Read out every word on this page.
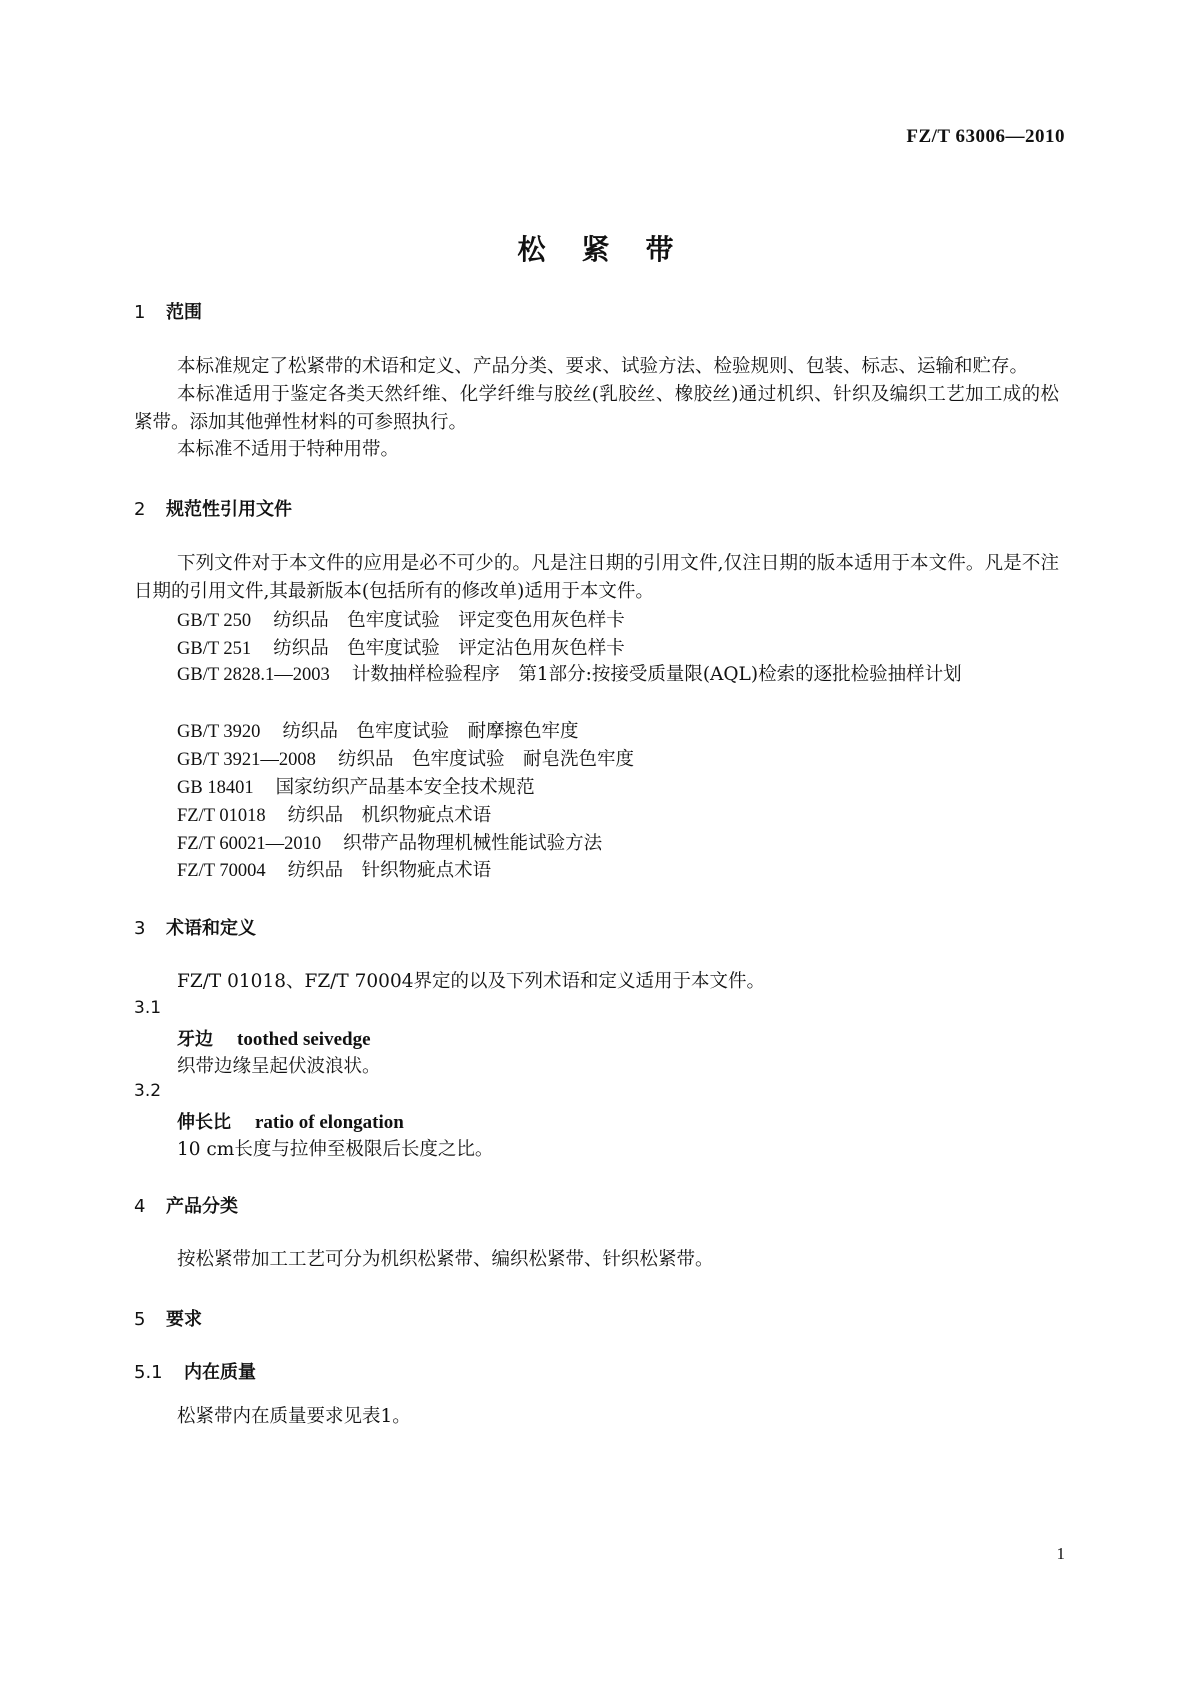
FZ/T 63006—2010
松紧带
1 范围
本标准规定了松紧带的术语和定义、产品分类、要求、试验方法、检验规则、包装、标志、运输和贮存。
本标准适用于鉴定各类天然纤维、化学纤维与胶丝(乳胶丝、橡胶丝)通过机织、针织及编织工艺加工成的松紧带。添加其他弹性材料的可参照执行。
本标准不适用于特种用带。
2 规范性引用文件
下列文件对于本文件的应用是必不可少的。凡是注日期的引用文件,仅注日期的版本适用于本文件。凡是不注日期的引用文件,其最新版本(包括所有的修改单)适用于本文件。
GB/T 250 纺织品　色牢度试验　评定变色用灰色样卡
GB/T 251 纺织品　色牢度试验　评定沾色用灰色样卡
GB/T 2828.1—2003 计数抽样检验程序　第1部分:按接受质量限(AQL)检索的逐批检验抽样计划
GB/T 3920 纺织品　色牢度试验　耐摩擦色牢度
GB/T 3921—2008 纺织品　色牢度试验　耐皂洗色牢度
GB 18401 国家纺织产品基本安全技术规范
FZ/T 01018 纺织品　机织物疵点术语
FZ/T 60021—2010 织带产品物理机械性能试验方法
FZ/T 70004 纺织品　针织物疵点术语
3 术语和定义
FZ/T 01018、FZ/T 70004界定的以及下列术语和定义适用于本文件。
3.1
牙边 toothed seivedge
织带边缘呈起伏波浪状。
3.2
伸长比 ratio of elongation
10 cm长度与拉伸至极限后长度之比。
4 产品分类
按松紧带加工工艺可分为机织松紧带、编织松紧带、针织松紧带。
5 要求
5.1 内在质量
松紧带内在质量要求见表1。
1
